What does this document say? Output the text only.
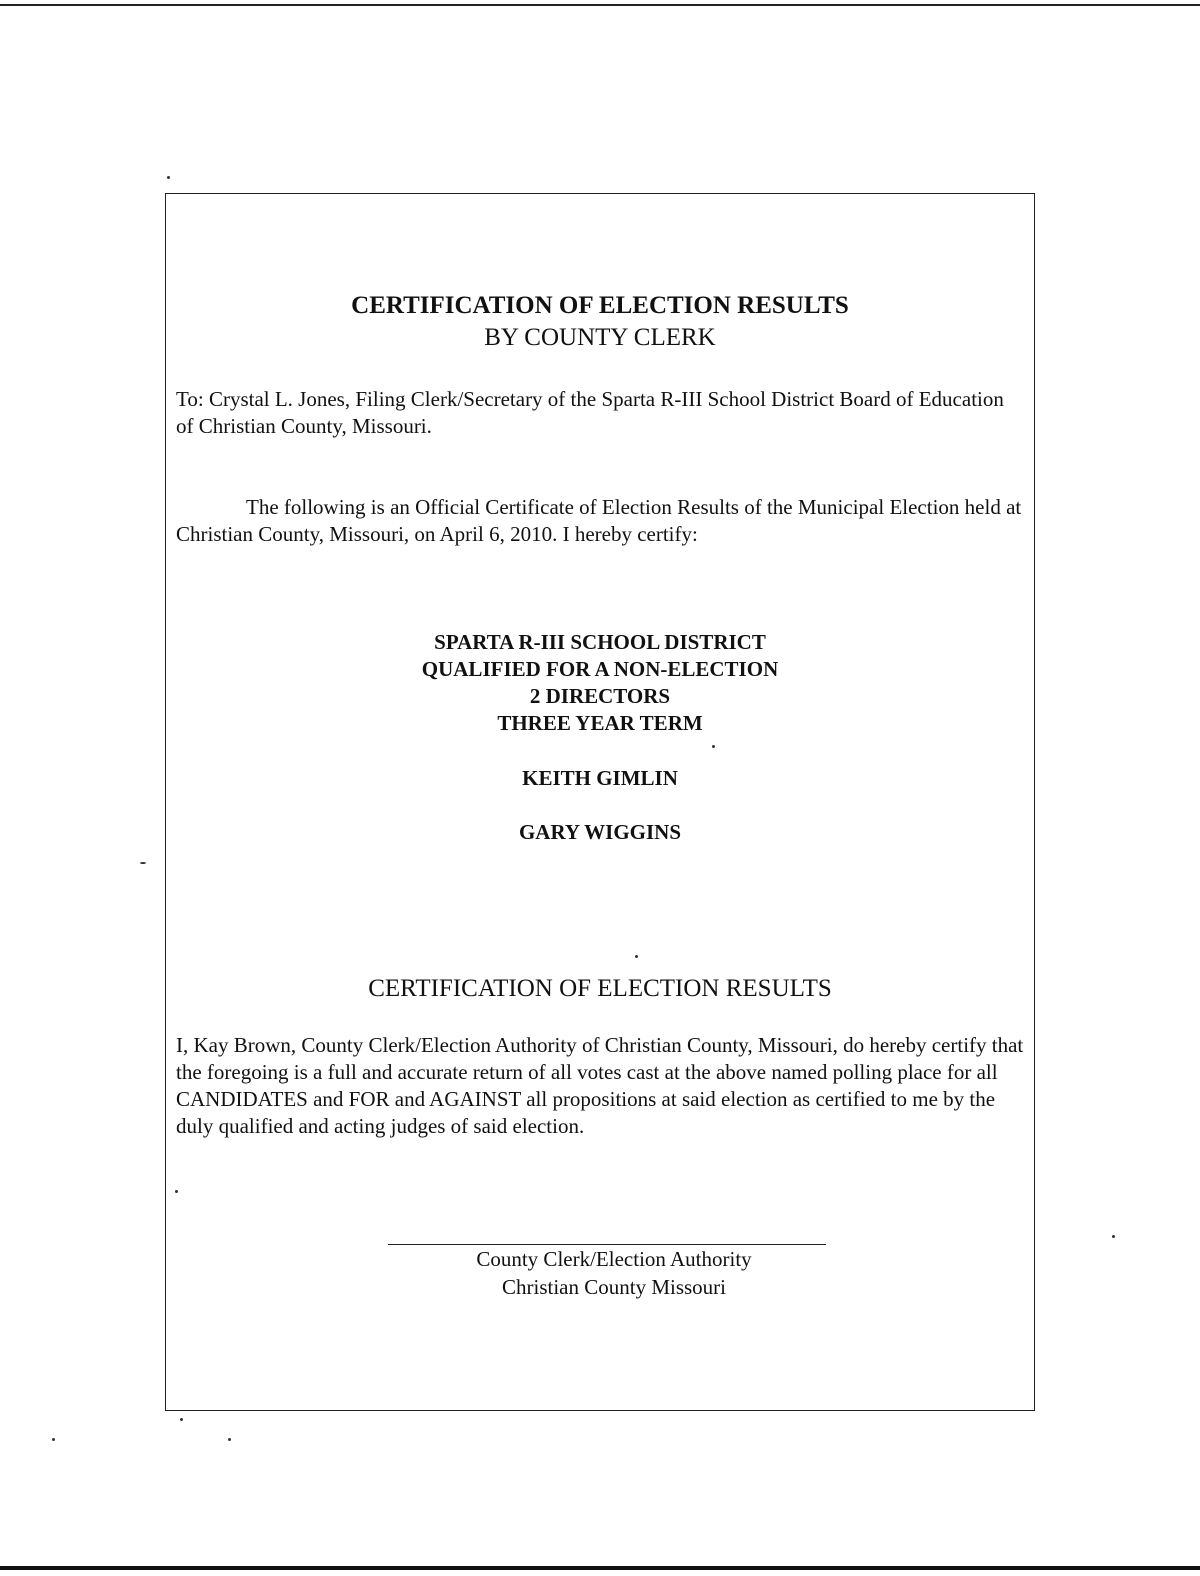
CERTIFICATION OF ELECTION RESULTS
BY COUNTY CLERK

To: Crystal L. Jones, Filing Clerk/Secretary of the Sparta R-III School District Board of Education of Christian County, Missouri.

The following is an Official Certificate of Election Results of the Municipal Election held at Christian County, Missouri, on April 6, 2010. I hereby certify:

SPARTA R-III SCHOOL DISTRICT
QUALIFIED FOR A NON-ELECTION
2 DIRECTORS
THREE YEAR TERM
KEITH GIMLIN
GARY WIGGINS
CERTIFICATION OF ELECTION RESULTS

I, Kay Brown, County Clerk/Election Authority of Christian County, Missouri, do hereby certify that the foregoing is a full and accurate return of all votes cast at the above named polling place for all CANDIDATES and FOR and AGAINST all propositions at said election as certified to me by the duly qualified and acting judges of said election.

County Clerk/Election Authority
Christian County Missouri
